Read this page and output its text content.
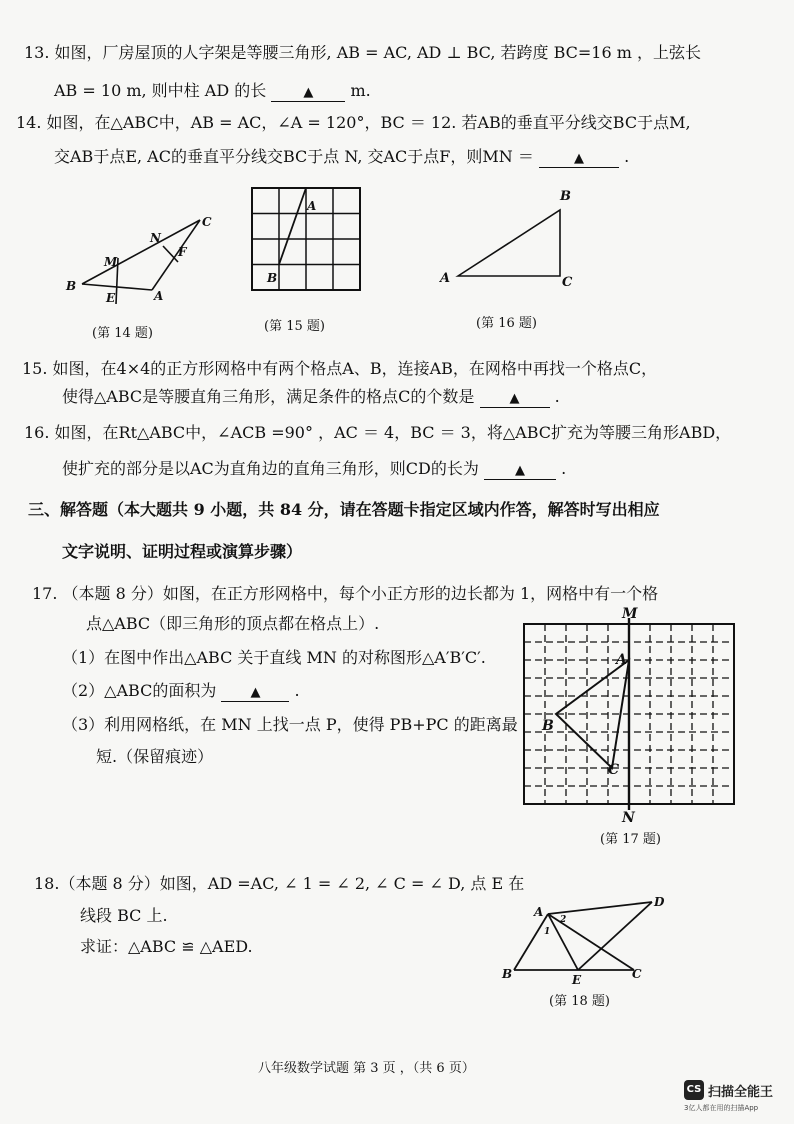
13. 如图，厂房屋顶的人字架是等腰三角形, AB = AC, AD ⊥ BC, 若跨度 BC=16 m ，上弦长
AB = 10 m, 则中柱 AD 的长	▲ m.
14. 如图，在△ABC中，AB = AC，∠A = 120°，BC ＝ 12. 若AB的垂直平分线交BC于点M,
交AB于点E, AC的垂直平分线交BC于点 N, 交AC于点F，则MN ＝	▲	.
B
M
E
N
F
A
C
(第 14 题)
A
B
(第 15 题)
A
B
C
(第 16 题)
15. 如图，在4×4的正方形网格中有两个格点A、B，连接AB，在网格中再找一个格点C，
使得△ABC是等腰直角三角形，满足条件的格点C的个数是	▲ .
16. 如图，在Rt△ABC中，∠ACB =90° ，AC ＝ 4，BC ＝ 3，将△ABC扩充为等腰三角形ABD，
使扩充的部分是以AC为直角边的直角三角形，则CD的长为	▲ .
三、解答题（本大题共 9 小题，共 84 分，请在答题卡指定区域内作答，解答时写出相应
文字说明、证明过程或演算步骤）
17. （本题 8 分）如图，在正方形网格中，每个小正方形的边长都为 1，网格中有一个格
点△ABC（即三角形的顶点都在格点上）.
（1）在图中作出△ABC 关于直线 MN 的对称图形△A′B′C′.
（2）△ABC的面积为	▲ .
（3）利用网格纸，在 MN 上找一点 P，使得 PB+PC 的距离最
短.（保留痕迹）
M
N
A
B
C
(第 17 题)
18.（本题 8 分）如图，AD =AC, ∠ 1 = ∠ 2, ∠ C = ∠ D, 点 E 在
线段 BC 上.
求证：△ABC ≌ △AED.
A
D
B	E	C
1
2
(第 18 题)
八年级数学试题 第 3 页 ，（共 6 页）
CS 扫描全能王
3亿人都在用的扫描App
